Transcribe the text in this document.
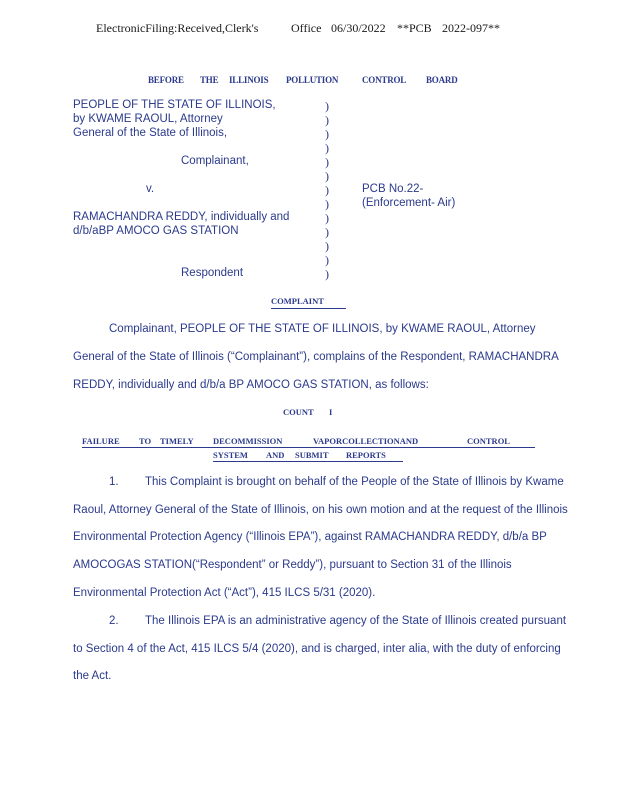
ElectronicFiling:Received,Clerk's	Office 06/30/2022 **PCB 2022-097**
BEFORE THE ILLINOIS POLLUTION	CONTROL BOARD
PEOPLE OF THE STATE OF ILLINOIS,
by KWAME RAOUL, Attorney
General of the State of Illinois,
Complainant,
v.
RAMACHANDRA REDDY, individually and
d/b/aBP AMOCO GAS STATION
Respondent
)
)
)
)
)
)
)
)
)
)
)
)
)
PCB No.22-
(Enforcement- Air)
COMPLAINT
Complainant, PEOPLE OF THE STATE OF ILLINOIS, by KWAME RAOUL, Attorney
General of the State of Illinois (“Complainant”), complains of the Respondent, RAMACHANDRA
REDDY, individually and d/b/a BP AMOCO GAS STATION, as follows:
COUNT I
FAILURE TO TIMELY DECOMMISSION	VAPORCOLLECTIONAND	CONTROL
SYSTEM AND SUBMIT REPORTS
1. This Complaint is brought on behalf of the People of the State of Illinois by Kwame
Raoul, Attorney General of the State of Illinois, on his own motion and at the request of the Illinois
Environmental Protection Agency (“Illinois EPA”), against RAMACHANDRA REDDY, d/b/a BP
AMOCOGAS STATION(“Respondent” or Reddy”), pursuant to Section 31 of the Illinois
Environmental Protection Act (“Act”), 415 ILCS 5/31 (2020).
2. The Illinois EPA is an administrative agency of the State of Illinois created pursuant
to Section 4 of the Act, 415 ILCS 5/4 (2020), and is charged, inter alia, with the duty of enforcing
the Act.
